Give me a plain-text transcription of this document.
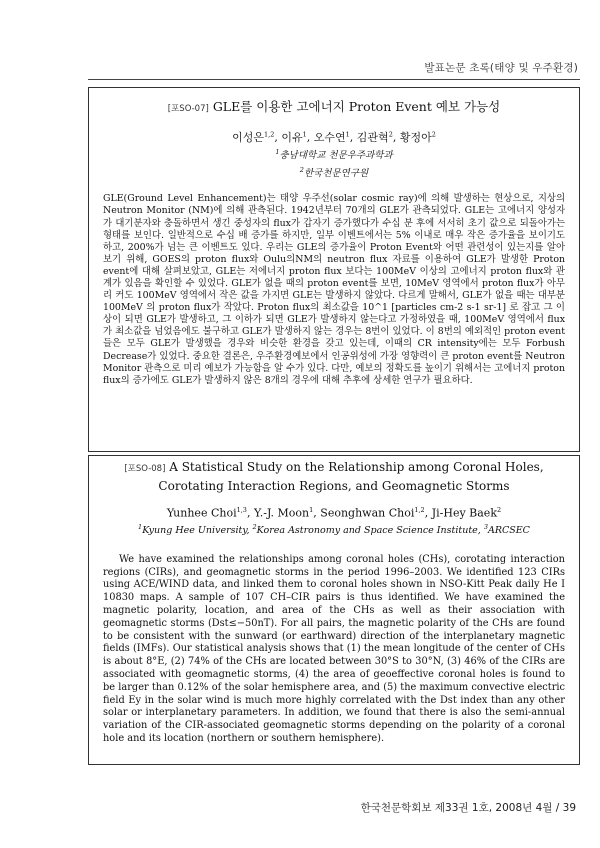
발표논문 초록(태양 및 우주환경)
[포SO-07] GLE를 이용한 고에너지 Proton Event 예보 가능성
이성은$^{1,2}$, 이유$^1$, 오수연$^1$, 김관혁$^2$, 황정아$^2$
$^1$충남대학교 천문우주과학과
$^2$한국천문연구원
GLE(Ground Level Enhancement)는 태양 우주선(solar cosmic ray)에 의해 발생하는 현상으로, 지상의 Neutron Monitor (NM)에 의해 관측된다. 1942년부터 70개의 GLE가 관측되었다. GLE는 고에너지 양성자가 대기분자와 충돌하면서 생긴 중성자의 flux가 갑자기 증가했다가 수십 분 후에 서서히 초기 값으로 되돌아가는 형태를 보인다. 일반적으로 수십 배 증가를 하지만, 일부 이벤트에서는 5% 이내로 매우 작은 증가율을 보이기도 하고, 200%가 넘는 큰 이벤트도 있다. 우리는 GLE의 증가율이 Proton Event와 어떤 관련성이 있는지를 알아보기 위해, GOES의 proton flux와 Oulu의NM의 neutron flux 자료를 이용하여 GLE가 발생한 Proton event에 대해 살펴보았고, GLE는 저에너지 proton flux 보다는 100MeV 이상의 고에너지 proton flux와 관계가 있음을 확인할 수 있었다. GLE가 없을 때의 proton event를 보면, 10MeV 영역에서 proton flux가 아무리 커도 100MeV 영역에서 작은 값을 가지면 GLE는 발생하지 않았다. 다르게 말해서, GLE가 없을 때는 대부분 100MeV 의 proton flux가 작았다. Proton flux의 최소값을 10^1 [particles cm-2 s-1 sr-1] 로 잡고 그 이상이 되면 GLE가 발생하고, 그 이하가 되면 GLE가 발생하지 않는다고 가정하였을 때, 100MeV 영역에서 flux가 최소값을 넘었음에도 불구하고 GLE가 발생하지 않는 경우는 8번이 있었다. 이 8번의 예외적인 proton event들은 모두 GLE가 발생했을 경우와 비슷한 환경을 갖고 있는데, 이때의 CR intensity에는 모두 Forbush Decrease가 있었다. 중요한 결론은, 우주환경예보에서 인공위성에 가장 영향력이 큰 proton event를 Neutron Monitor 관측으로 미리 예보가 가능함을 알 수가 있다. 다만, 예보의 정확도를 높이기 위해서는 고에너지 proton flux의 증가에도 GLE가 발생하지 않은 8개의 경우에 대해 추후에 상세한 연구가 필요하다.
[포SO-08] A Statistical Study on the Relationship among Coronal Holes, Corotating Interaction Regions, and Geomagnetic Storms
Yunhee Choi$^{1,3}$, Y.-J. Moon$^1$, Seonghwan Choi$^{1,2}$, Ji-Hey Baek$^2$
$^1$Kyung Hee University, $^2$Korea Astronomy and Space Science Institute, $^3$ARCSEC
We have examined the relationships among coronal holes (CHs), corotating interaction regions (CIRs), and geomagnetic storms in the period 1996–2003. We identified 123 CIRs using ACE/WIND data, and linked them to coronal holes shown in NSO-Kitt Peak daily He I 10830 maps. A sample of 107 CH–CIR pairs is thus identified. We have examined the magnetic polarity, location, and area of the CHs as well as their association with geomagnetic storms (Dst≤−50nT). For all pairs, the magnetic polarity of the CHs are found to be consistent with the sunward (or earthward) direction of the interplanetary magnetic fields (IMFs). Our statistical analysis shows that (1) the mean longitude of the center of CHs is about 8°E, (2) 74% of the CHs are located between 30°S to 30°N, (3) 46% of the CIRs are associated with geomagnetic storms, (4) the area of geoeffective coronal holes is found to be larger than 0.12% of the solar hemisphere area, and (5) the maximum convective electric field Ey in the solar wind is much more highly correlated with the Dst index than any other solar or interplanetary parameters. In addition, we found that there is also the semi-annual variation of the CIR-associated geomagnetic storms depending on the polarity of a coronal hole and its location (northern or southern hemisphere).
한국천문학회보 제33권 1호, 2008년 4월 / 39
